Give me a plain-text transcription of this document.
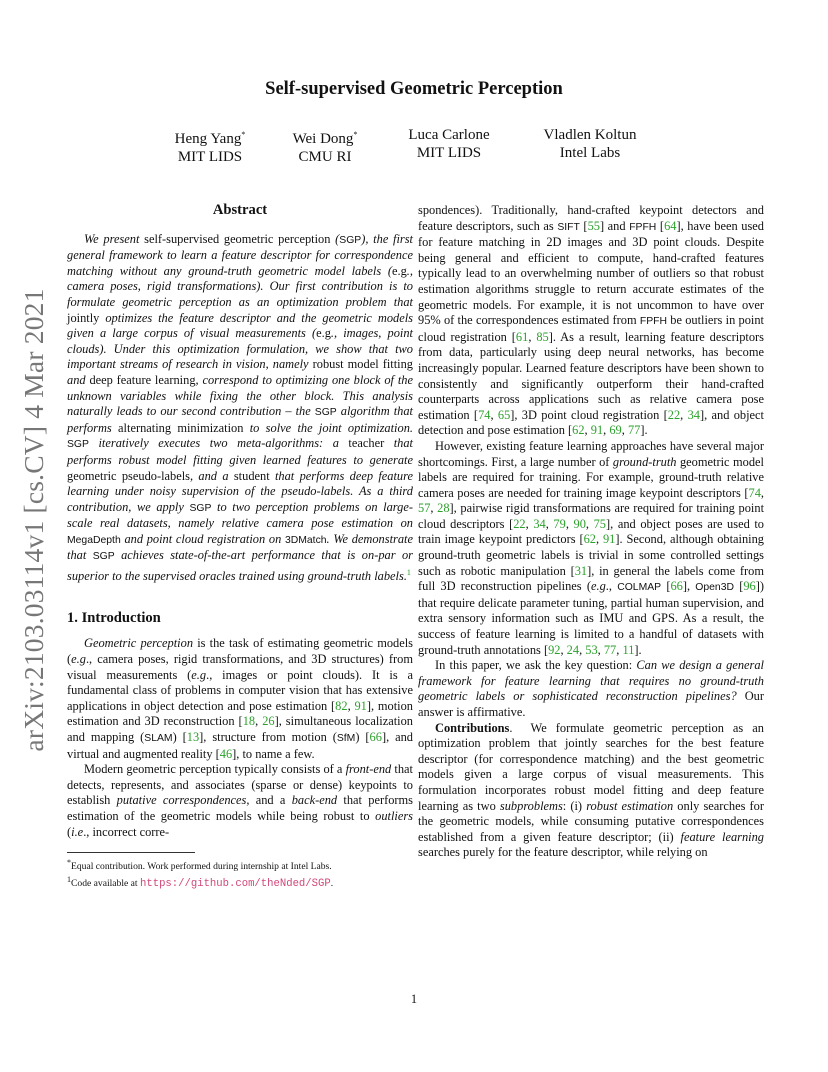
arXiv:2103.03114v1 [cs.CV] 4 Mar 2021
Self-supervised Geometric Perception
Heng Yang*
MIT LIDS
Wei Dong*
CMU RI
Luca Carlone
MIT LIDS
Vladlen Koltun
Intel Labs
Abstract

We present self-supervised geometric perception (SGP), the first general framework to learn a feature descriptor for correspondence matching without any ground-truth geometric model labels (e.g., camera poses, rigid transformations). Our first contribution is to formulate geometric perception as an optimization problem that jointly optimizes the feature descriptor and the geometric models given a large corpus of visual measurements (e.g., images, point clouds). Under this optimization formulation, we show that two important streams of research in vision, namely robust model fitting and deep feature learning, correspond to optimizing one block of the unknown variables while fixing the other block. This analysis naturally leads to our second contribution – the SGP algorithm that performs alternating minimization to solve the joint optimization. SGP iteratively executes two meta-algorithms: a teacher that performs robust model fitting given learned features to generate geometric pseudo-labels, and a student that performs deep feature learning under noisy supervision of the pseudo-labels. As a third contribution, we apply SGP to two perception problems on large-scale real datasets, namely relative camera pose estimation on MegaDepth and point cloud registration on 3DMatch. We demonstrate that SGP achieves state-of-the-art performance that is on-par or superior to the supervised oracles trained using ground-truth labels.$^1$

1. Introduction

Geometric perception is the task of estimating geometric models (e.g., camera poses, rigid transformations, and 3D structures) from visual measurements (e.g., images or point clouds). It is a fundamental class of problems in computer vision that has extensive applications in object detection and pose estimation [82, 91], motion estimation and 3D reconstruction [18, 26], simultaneous localization and mapping (SLAM) [13], structure from motion (SfM) [66], and virtual and augmented reality [46], to name a few.

Modern geometric perception typically consists of a front-end that detects, represents, and associates (sparse or dense) keypoints to establish putative correspondences, and a back-end that performs estimation of the geometric models while being robust to outliers (i.e., incorrect corre-

*Equal contribution. Work performed during internship at Intel Labs.

$^1$Code available at https://github.com/theNded/SGP.

spondences). Traditionally, hand-crafted keypoint detectors and feature descriptors, such as SIFT [55] and FPFH [64], have been used for feature matching in 2D images and 3D point clouds. Despite being general and efficient to compute, hand-crafted features typically lead to an overwhelming number of outliers so that robust estimation algorithms struggle to return accurate estimates of the geometric models. For example, it is not uncommon to have over 95% of the correspondences estimated from FPFH be outliers in point cloud registration [61, 85]. As a result, learning feature descriptors from data, particularly using deep neural networks, has become increasingly popular. Learned feature descriptors have been shown to consistently and significantly outperform their hand-crafted counterparts across applications such as relative camera pose estimation [74, 65], 3D point cloud registration [22, 34], and object detection and pose estimation [62, 91, 69, 77].

However, existing feature learning approaches have several major shortcomings. First, a large number of ground-truth geometric model labels are required for training. For example, ground-truth relative camera poses are needed for training image keypoint descriptors [74, 57, 28], pairwise rigid transformations are required for training point cloud descriptors [22, 34, 79, 90, 75], and object poses are used to train image keypoint predictors [62, 91]. Second, although obtaining ground-truth geometric labels is trivial in some controlled settings such as robotic manipulation [31], in general the labels come from full 3D reconstruction pipelines (e.g., COLMAP [66], Open3D [96]) that require delicate parameter tuning, partial human supervision, and extra sensory information such as IMU and GPS. As a result, the success of feature learning is limited to a handful of datasets with ground-truth annotations [92, 24, 53, 77, 11].

In this paper, we ask the key question: Can we design a general framework for feature learning that requires no ground-truth geometric labels or sophisticated reconstruction pipelines? Our answer is affirmative.

Contributions.  We formulate geometric perception as an optimization problem that jointly searches for the best feature descriptor (for correspondence matching) and the best geometric models given a large corpus of visual measurements. This formulation incorporates robust model fitting and deep feature learning as two subproblems: (i) robust estimation only searches for the geometric models, while consuming putative correspondences established from a given feature descriptor; (ii) feature learning searches purely for the feature descriptor, while relying on

1
